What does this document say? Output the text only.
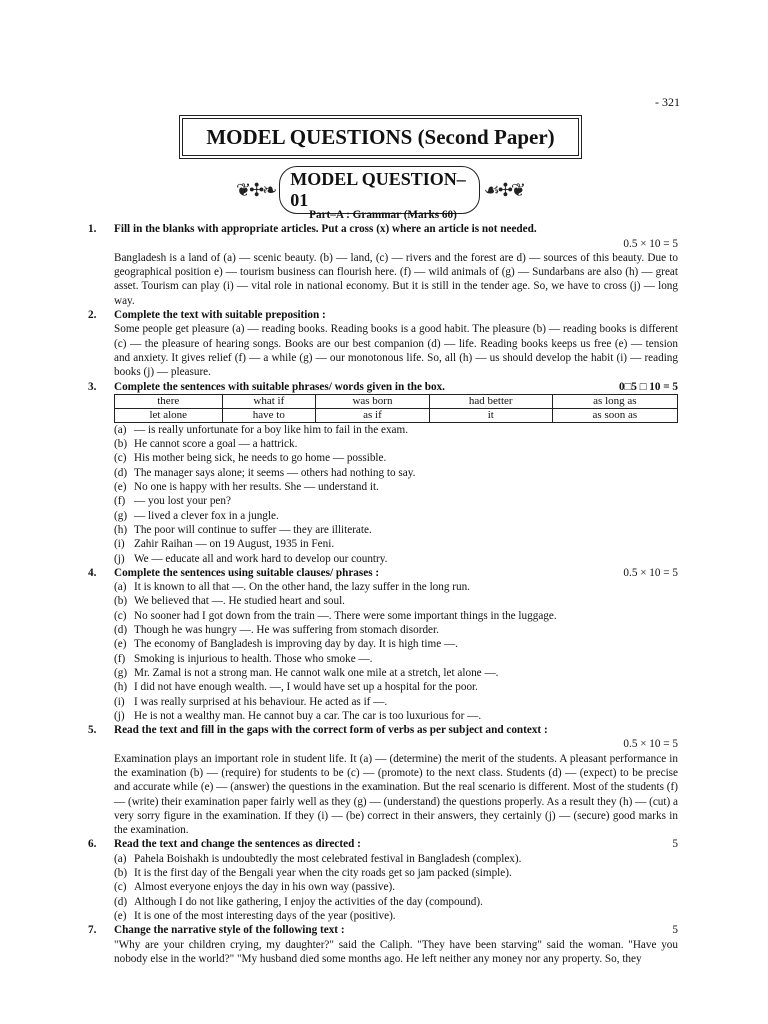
- 321
MODEL QUESTIONS (Second Paper)
❦✣❧
MODEL QUESTION–01
☙✣❦
Part–A : Grammar (Marks 60)
1.	Fill in the blanks with appropriate articles. Put a cross (x) where an article is not needed.
0.5 × 10 = 5
Bangladesh is a land of (a) — scenic beauty. (b) — land, (c) — rivers and the forest are d) — sources of this beauty. Due to geographical position e) — tourism business can flourish here. (f) — wild animals of (g) — Sundarbans are also (h) — great asset. Tourism can play (i) — vital role in national economy. But it is still in the tender age. So, we have to cross (j) — long way.
2.	Complete the text with suitable preposition :
Some people get pleasure (a) — reading books. Reading books is a good habit. The pleasure (b) — reading books is different (c) — the pleasure of hearing songs. Books are our best companion (d) — life. Reading books keeps us free (e) — tension and anxiety. It gives relief (f) — a while (g) — our monotonous life. So, all (h) — us should develop the habit (i) — reading books (j) — pleasure.
3.	Complete the sentences with suitable phrases/ words given in the box.	0□5 □ 10 = 5
there	what if	was born	had better	as long as
let alone	have to	as if	it	as soon as
(a) — is really unfortunate for a boy like him to fail in the exam.
(b) He cannot score a goal — a hattrick.
(c) His mother being sick, he needs to go home — possible.
(d) The manager says alone; it seems — others had nothing to say.
(e) No one is happy with her results. She — understand it.
(f) — you lost your pen?
(g) — lived a clever fox in a jungle.
(h) The poor will continue to suffer — they are illiterate.
(i) Zahir Raihan — on 19 August, 1935 in Feni.
(j) We — educate all and work hard to develop our country.
4.	Complete the sentences using suitable clauses/ phrases :	0.5 × 10 = 5
(a) It is known to all that —. On the other hand, the lazy suffer in the long run.
(b) We believed that —. He studied heart and soul.
(c) No sooner had I got down from the train —. There were some important things in the luggage.
(d) Though he was hungry —. He was suffering from stomach disorder.
(e) The economy of Bangladesh is improving day by day. It is high time —.
(f) Smoking is injurious to health. Those who smoke —.
(g) Mr. Zamal is not a strong man. He cannot walk one mile at a stretch, let alone —.
(h) I did not have enough wealth. —, I would have set up a hospital for the poor.
(i) I was really surprised at his behaviour. He acted as if —.
(j) He is not a wealthy man. He cannot buy a car. The car is too luxurious for —.
5.	Read the text and fill in the gaps with the correct form of verbs as per subject and context :
0.5 × 10 = 5
Examination plays an important role in student life. It (a) — (determine) the merit of the students. A pleasant performance in the examination (b) — (require) for students to be (c) — (promote) to the next class. Students (d) — (expect) to be precise and accurate while (e) — (answer) the questions in the examination. But the real scenario is different. Most of the students (f) — (write) their examination paper fairly well as they (g) — (understand) the questions properly. As a result they (h) — (cut) a very sorry figure in the examination. If they (i) — (be) correct in their answers, they certainly (j) — (secure) good marks in the examination.
6.	Read the text and change the sentences as directed :	5
(a) Pahela Boishakh is undoubtedly the most celebrated festival in Bangladesh (complex).
(b) It is the first day of the Bengali year when the city roads get so jam packed (simple).
(c) Almost everyone enjoys the day in his own way (passive).
(d) Although I do not like gathering, I enjoy the activities of the day (compound).
(e) It is one of the most interesting days of the year (positive).
7.	Change the narrative style of the following text :	5
"Why are your children crying, my daughter?" said the Caliph. "They have been starving" said the woman. "Have you nobody else in the world?" "My husband died some months ago. He left neither any money nor any property. So, they
